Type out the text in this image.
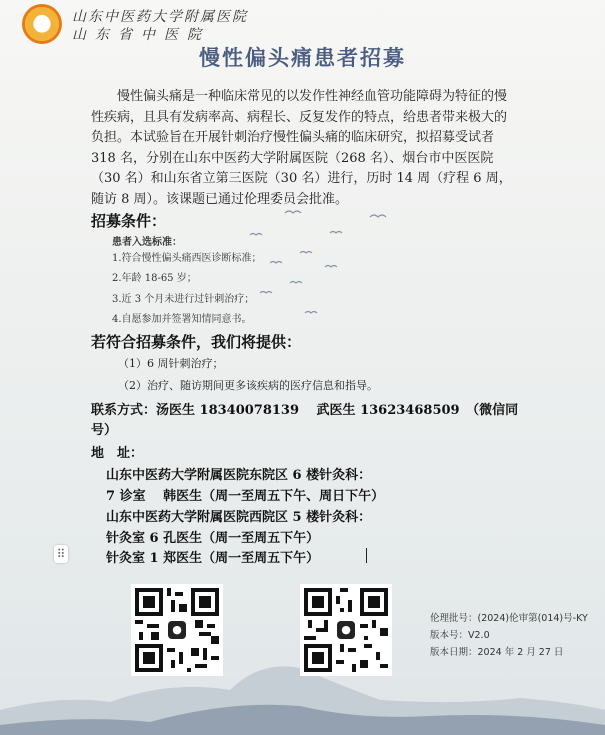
☯	山东中医药大学附属医院
山东省中医院
慢性偏头痛患者招募
慢性偏头痛是一种临床常见的以发作性神经血管功能障碍为特征的慢性疾病，且具有发病率高、病程长、反复发作的特点，给患者带来极大的负担。本试验旨在开展针刺治疗慢性偏头痛的临床研究，拟招募受试者 318 名，分别在山东中医药大学附属医院（268 名）、烟台市中医医院（30 名）和山东省立第三医院（30 名）进行，历时 14 周（疗程 6 周，随访 8 周）。该课题已通过伦理委员会批准。
招募条件：
患者入选标准：
1.符合慢性偏头痛西医诊断标准；
2.年龄 18-65 岁；
3.近 3 个月未进行过针刺治疗；
4.自愿参加并签署知情同意书。
若符合招募条件，我们将提供：
（1）6 周针刺治疗；
（2）治疗、随访期间更多该疾病的医疗信息和指导。
联系方式：汤医生 18340078139　 武医生 13623468509　（微信同号）
地　址：
山东中医药大学附属医院东院区 6 楼针灸科：
7 诊室　 韩医生（周一至周五下午、周日下午）
山东中医药大学附属医院西院区 5 楼针灸科：
针灸室 6 孔医生（周一至周五下午）
针灸室 1 郑医生（周一至周五下午）
⠿
●	●
伦理批号：(2024)伦审第(014)号-KY
版本号：V2.0
版本日期：2024 年 2 月 27 日
